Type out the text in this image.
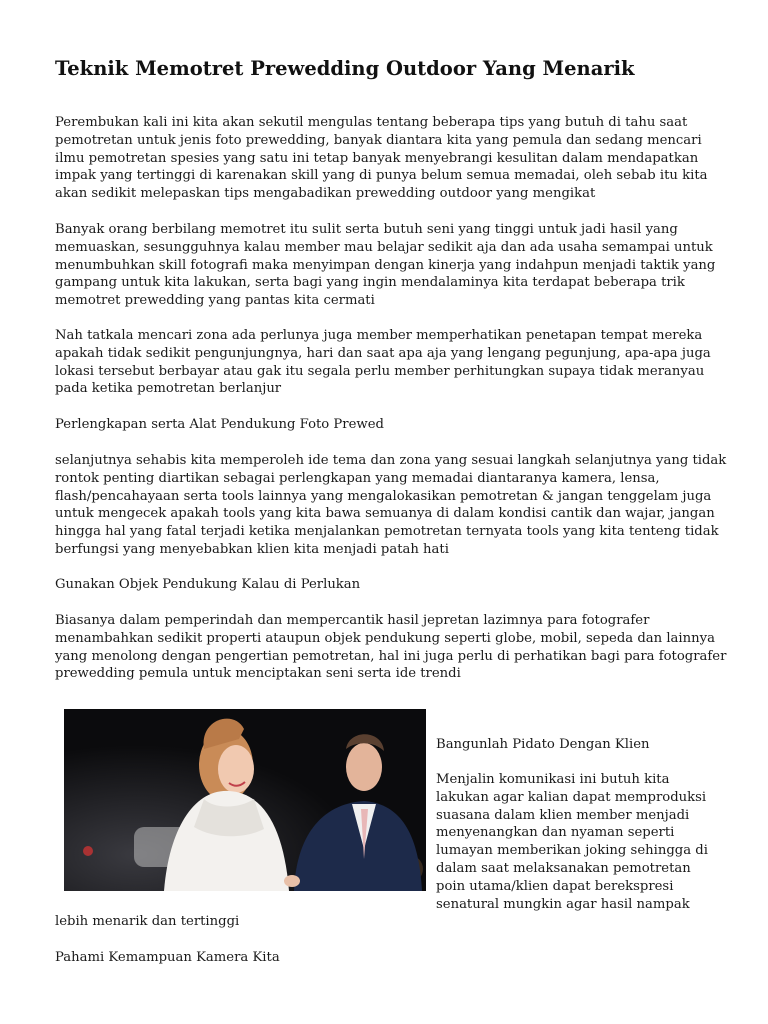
Teknik Memotret Prewedding Outdoor Yang Menarik

Perembukan kali ini kita akan sekutil mengulas tentang beberapa tips yang butuh di tahu saat
pemotretan untuk jenis foto prewedding, banyak diantara kita yang pemula dan sedang mencari
ilmu pemotretan spesies yang satu ini tetap banyak menyebrangi kesulitan dalam mendapatkan
impak yang tertinggi di karenakan skill yang di punya belum semua memadai, oleh sebab itu kita
akan sedikit melepaskan tips mengabadikan prewedding outdoor yang mengikat

Banyak orang berbilang memotret itu sulit serta butuh seni yang tinggi untuk jadi hasil yang
memuaskan, sesungguhnya kalau member mau belajar sedikit aja dan ada usaha semampai untuk
menumbuhkan skill fotografi maka menyimpan dengan kinerja yang indahpun menjadi taktik yang
gampang untuk kita lakukan, serta bagi yang ingin mendalaminya kita terdapat beberapa trik
memotret prewedding yang pantas kita cermati

Nah tatkala mencari zona ada perlunya juga member memperhatikan penetapan tempat mereka
apakah tidak sedikit pengunjungnya, hari dan saat apa aja yang lengang pegunjung, apa-apa juga
lokasi tersebut berbayar atau gak itu segala perlu member perhitungkan supaya tidak meranyau
pada ketika pemotretan berlanjur

Perlengkapan serta Alat Pendukung Foto Prewed

selanjutnya sehabis kita memperoleh ide tema dan zona yang sesuai langkah selanjutnya yang tidak
rontok penting diartikan sebagai perlengkapan yang memadai diantaranya kamera, lensa,
flash/pencahayaan serta tools lainnya yang mengalokasikan pemotretan & jangan tenggelam juga
untuk mengecek apakah tools yang kita bawa semuanya di dalam kondisi cantik dan wajar, jangan
hingga hal yang fatal terjadi ketika menjalankan pemotretan ternyata tools yang kita tenteng tidak
berfungsi yang menyebabkan klien kita menjadi patah hati

Gunakan Objek Pendukung Kalau di Perlukan

Biasanya dalam pemperindah dan mempercantik hasil jepretan lazimnya para fotografer
menambahkan sedikit properti ataupun objek pendukung seperti globe, mobil, sepeda dan lainnya
yang menolong dengan pengertian pemotretan, hal ini juga perlu di perhatikan bagi para fotografer
prewedding pemula untuk menciptakan seni serta ide trendi

Bangunlah Pidato Dengan Klien

Menjalin komunikasi ini butuh kita
lakukan agar kalian dapat memproduksi
suasana dalam klien member menjadi
menyenangkan dan nyaman seperti
lumayan memberikan joking sehingga di
dalam saat melaksanakan pemotretan
poin utama/klien dapat berekspresi
senatural mungkin agar hasil nampak

lebih menarik dan tertinggi

Pahami Kemampuan Kamera Kita
